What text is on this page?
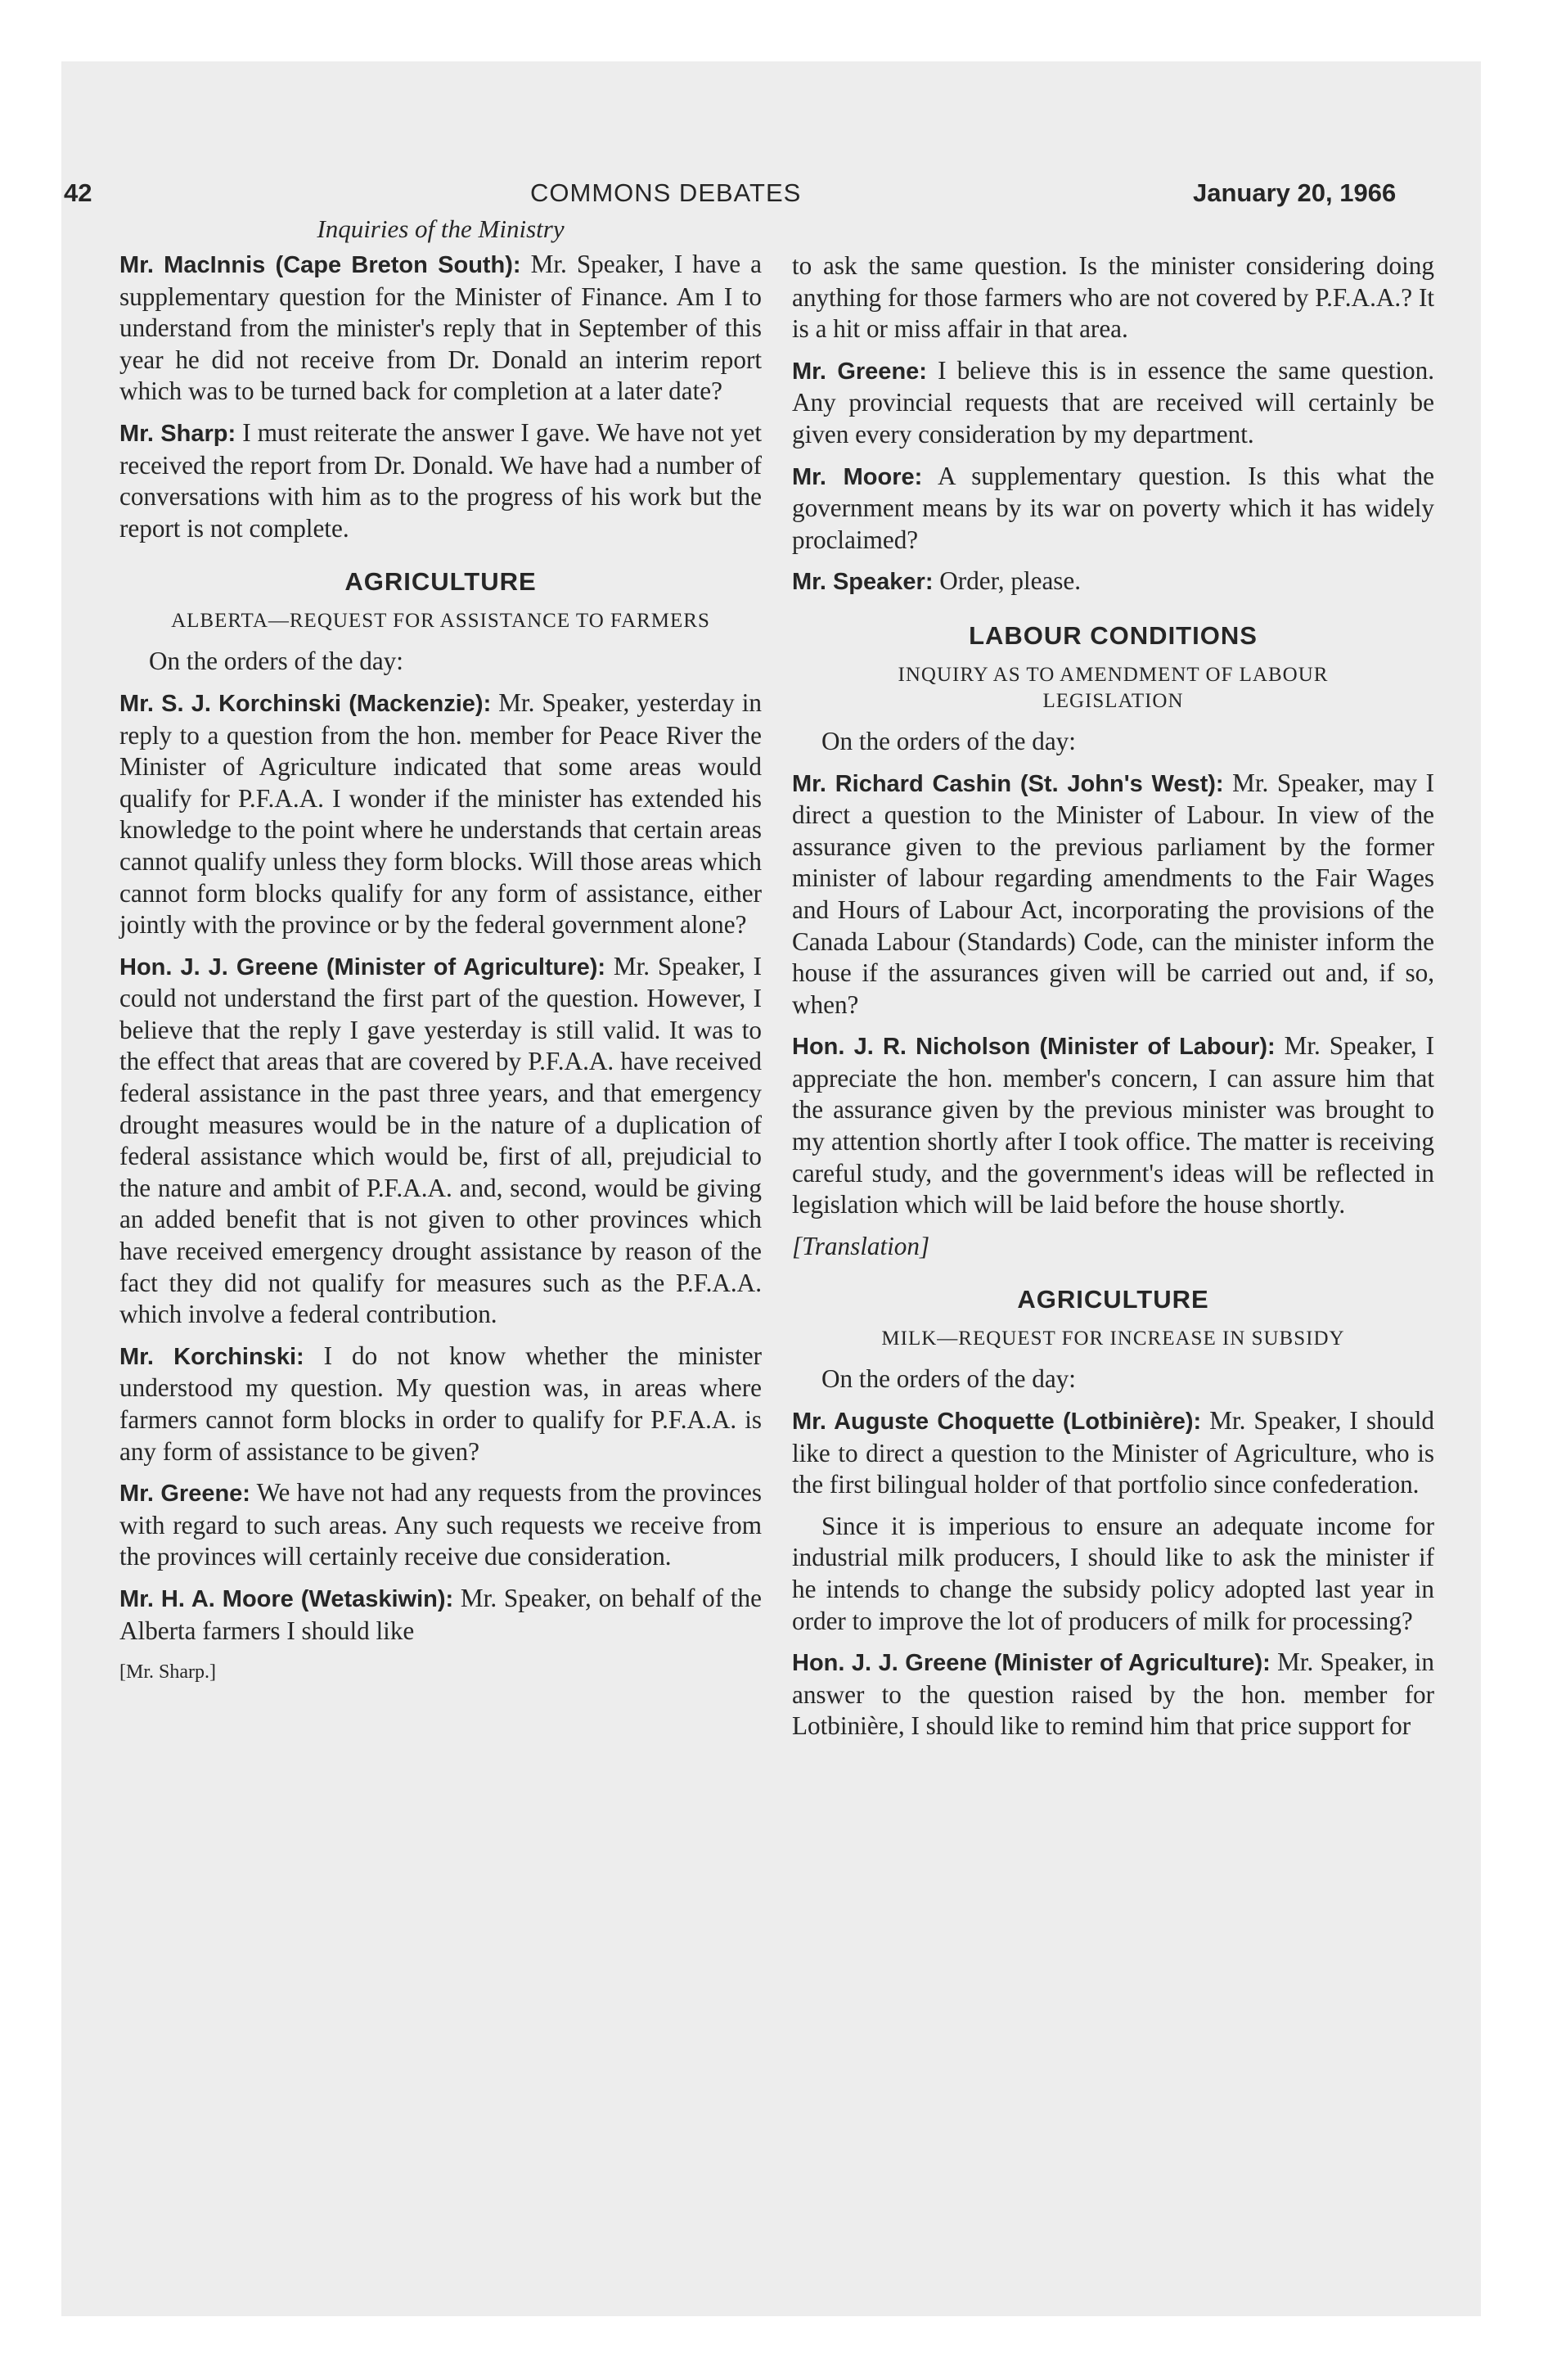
42	COMMONS DEBATES	January 20, 1966
Inquiries of the Ministry

Mr. MacInnis (Cape Breton South): Mr. Speaker, I have a supplementary question for the Minister of Finance. Am I to understand from the minister's reply that in September of this year he did not receive from Dr. Donald an interim report which was to be turned back for completion at a later date?

Mr. Sharp: I must reiterate the answer I gave. We have not yet received the report from Dr. Donald. We have had a number of conversations with him as to the progress of his work but the report is not complete.

AGRICULTURE
ALBERTA—REQUEST FOR ASSISTANCE TO FARMERS

On the orders of the day:

Mr. S. J. Korchinski (Mackenzie): Mr. Speaker, yesterday in reply to a question from the hon. member for Peace River the Minister of Agriculture indicated that some areas would qualify for P.F.A.A. I wonder if the minister has extended his knowledge to the point where he understands that certain areas cannot qualify unless they form blocks. Will those areas which cannot form blocks qualify for any form of assistance, either jointly with the province or by the federal government alone?

Hon. J. J. Greene (Minister of Agriculture): Mr. Speaker, I could not understand the first part of the question. However, I believe that the reply I gave yesterday is still valid. It was to the effect that areas that are covered by P.F.A.A. have received federal assistance in the past three years, and that emergency drought measures would be in the nature of a duplication of federal assistance which would be, first of all, prejudicial to the nature and ambit of P.F.A.A. and, second, would be giving an added benefit that is not given to other provinces which have received emergency drought assistance by reason of the fact they did not qualify for measures such as the P.F.A.A. which involve a federal contribution.

Mr. Korchinski: I do not know whether the minister understood my question. My question was, in areas where farmers cannot form blocks in order to qualify for P.F.A.A. is any form of assistance to be given?

Mr. Greene: We have not had any requests from the provinces with regard to such areas. Any such requests we receive from the provinces will certainly receive due consideration.

Mr. H. A. Moore (Wetaskiwin): Mr. Speaker, on behalf of the Alberta farmers I should like

[Mr. Sharp.]

to ask the same question. Is the minister considering doing anything for those farmers who are not covered by P.F.A.A.? It is a hit or miss affair in that area.

Mr. Greene: I believe this is in essence the same question. Any provincial requests that are received will certainly be given every consideration by my department.

Mr. Moore: A supplementary question. Is this what the government means by its war on poverty which it has widely proclaimed?

Mr. Speaker: Order, please.

LABOUR CONDITIONS
INQUIRY AS TO AMENDMENT OF LABOUR LEGISLATION

On the orders of the day:

Mr. Richard Cashin (St. John's West): Mr. Speaker, may I direct a question to the Minister of Labour. In view of the assurance given to the previous parliament by the former minister of labour regarding amendments to the Fair Wages and Hours of Labour Act, incorporating the provisions of the Canada Labour (Standards) Code, can the minister inform the house if the assurances given will be carried out and, if so, when?

Hon. J. R. Nicholson (Minister of Labour): Mr. Speaker, I appreciate the hon. member's concern, I can assure him that the assurance given by the previous minister was brought to my attention shortly after I took office. The matter is receiving careful study, and the government's ideas will be reflected in legislation which will be laid before the house shortly.

[Translation]

AGRICULTURE
MILK—REQUEST FOR INCREASE IN SUBSIDY

On the orders of the day:

Mr. Auguste Choquette (Lotbinière): Mr. Speaker, I should like to direct a question to the Minister of Agriculture, who is the first bilingual holder of that portfolio since confederation.

Since it is imperious to ensure an adequate income for industrial milk producers, I should like to ask the minister if he intends to change the subsidy policy adopted last year in order to improve the lot of producers of milk for processing?

Hon. J. J. Greene (Minister of Agriculture): Mr. Speaker, in answer to the question raised by the hon. member for Lotbinière, I should like to remind him that price support for
